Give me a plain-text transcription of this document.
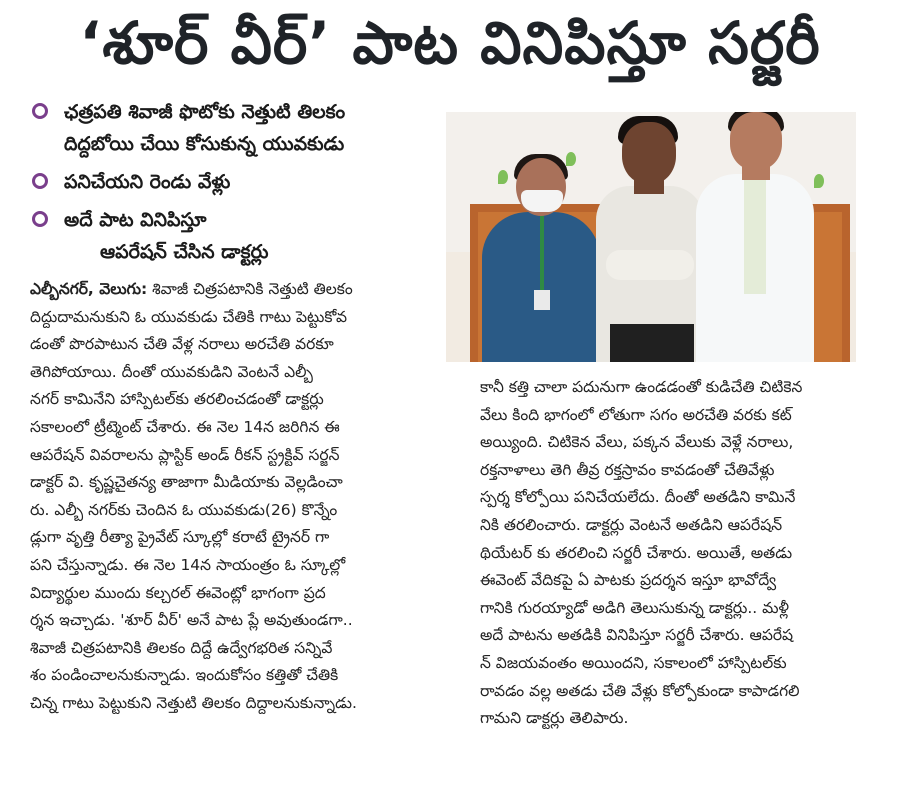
‘శూర్ వీర్’ పాట వినిపిస్తూ సర్జరీ
ఛత్రపతి శివాజీ ఫొటోకు నెత్తుటి తిలకం
దిద్దబోయి చేయి కోసుకున్న యువకుడు
పనిచేయని రెండు వేళ్లు
అదే పాట వినిపిస్తూ
ఆపరేషన్ చేసిన డాక్టర్లు
ఎల్బీనగర్, వెలుగు: శివాజీ చిత్రపటానికి నెత్తుటి తిలకం
దిద్దుదామనుకుని ఓ యువకుడు చేతికి గాటు పెట్టుకోవ
డంతో పొరపాటున చేతి వేళ్ల నరాలు అరచేతి వరకూ
తెగిపోయాయి. దీంతో యువకుడిని వెంటనే ఎల్బీ
నగర్ కామినేని హాస్పిటల్‌కు తరలించడంతో డాక్టర్లు
సకాలంలో ట్రీట్మెంట్ చేశారు. ఈ నెల 14న జరిగిన ఈ
ఆపరేషన్ వివరాలను ప్లాస్టిక్ అండ్ రీకన్ స్ట్రక్టివ్ సర్జన్
డాక్టర్ వి. కృష్ణచైతన్య తాజాగా మీడియాకు వెల్లడించా
రు. ఎల్బీ నగర్‌కు చెందిన ఓ యువకుడు(26) కొన్నేం
డ్లుగా వృత్తి రీత్యా ప్రైవేట్ స్కూల్లో కరాటే ట్రైనర్ గా
పని చేస్తున్నాడు. ఈ నెల 14న సాయంత్రం ఓ స్కూల్లో
విద్యార్థుల ముందు కల్చరల్ ఈవెంట్లో భాగంగా ప్రద
ర్శన ఇచ్చాడు. 'శూర్ వీర్' అనే పాట ప్లే అవుతుండగా..
శివాజీ చిత్రపటానికి తిలకం దిద్దే ఉద్వేగభరిత సన్నివే
శం పండించాలనుకున్నాడు. ఇందుకోసం కత్తితో చేతికి
చిన్న గాటు పెట్టుకుని నెత్తుటి తిలకం దిద్దాలనుకున్నాడు.
కానీ కత్తి చాలా పదునుగా ఉండడంతో కుడిచేతి చిటికెన
వేలు కింది భాగంలో లోతుగా సగం అరచేతి వరకు కట్
అయ్యింది. చిటికెన వేలు, పక్కన వేలుకు వెళ్లే నరాలు,
రక్తనాళాలు తెగి తీవ్ర రక్తస్రావం కావడంతో చేతివేళ్లు
స్పర్శ కోల్పోయి పనిచేయలేదు. దీంతో అతడిని కామినే
నికి తరలించారు. డాక్టర్లు వెంటనే అతడిని ఆపరేషన్
థియేటర్ కు తరలించి సర్జరీ చేశారు. అయితే, అతడు
ఈవెంట్ వేదికపై ఏ పాటకు ప్రదర్శన ఇస్తూ భావోద్వే
గానికి గురయ్యాడో అడిగి తెలుసుకున్న డాక్టర్లు.. మళ్లీ
అదే పాటను అతడికి వినిపిస్తూ సర్జరీ చేశారు. ఆపరేష
న్ విజయవంతం అయిందని, సకాలంలో హాస్పిటల్‌కు
రావడం వల్ల అతడు చేతి వేళ్లు కోల్పోకుండా కాపాడగలి
గామని డాక్టర్లు తెలిపారు.
